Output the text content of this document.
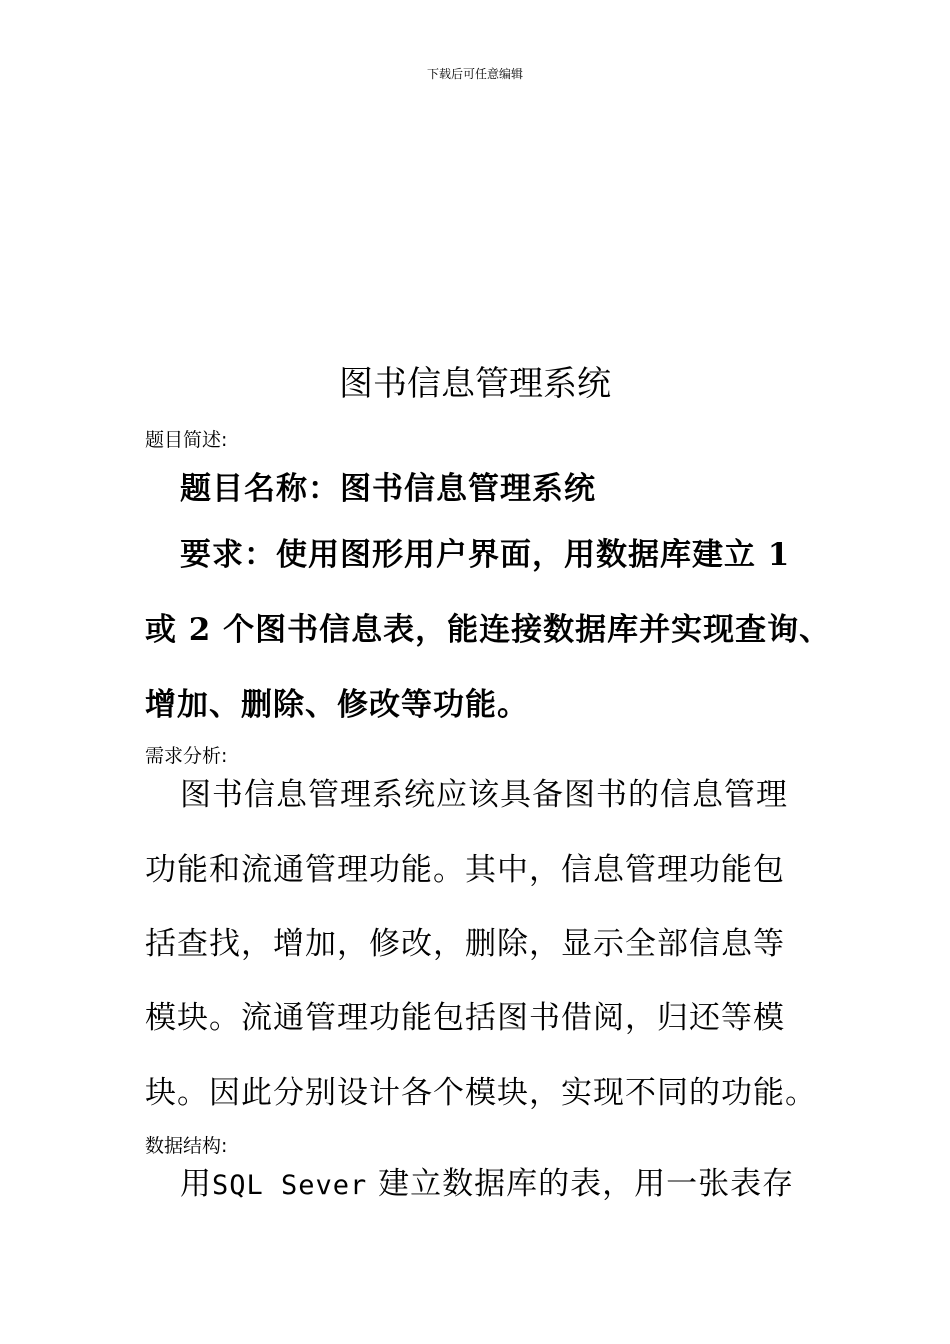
下载后可任意编辑
图书信息管理系统
题目简述:
题目名称：图书信息管理系统
要求：使用图形用户界面，用数据库建立 1
或 2 个图书信息表，能连接数据库并实现查询、
增加、删除、修改等功能。
需求分析:
图书信息管理系统应该具备图书的信息管理
功能和流通管理功能。其中，信息管理功能包
括查找，增加，修改，删除，显示全部信息等
模块。流通管理功能包括图书借阅，归还等模
块。因此分别设计各个模块，实现不同的功能。
数据结构:
用SQL Sever 建立数据库的表，用一张表存
